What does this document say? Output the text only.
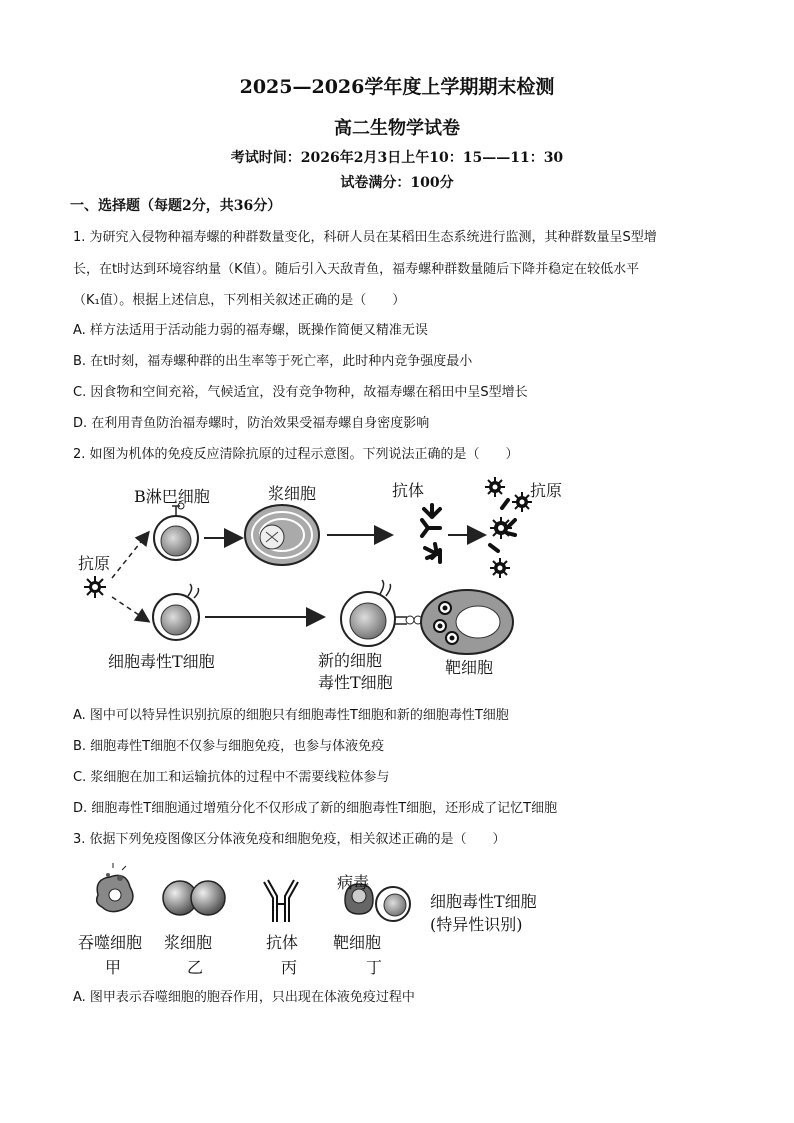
2025—2026学年度上学期期末检测
高二生物学试卷
考试时间：2026年2月3日上午10：15——11：30
试卷满分：100分
一、选择题（每题2分，共36分）
1. 为研究入侵物种福寿螺的种群数量变化，科研人员在某稻田生态系统进行监测，其种群数量呈S型增
长，在t时达到环境容纳量（K值）。随后引入天敌青鱼，福寿螺种群数量随后下降并稳定在较低水平
（K₁值）。根据上述信息，下列相关叙述正确的是（　　）
A. 样方法适用于活动能力弱的福寿螺，既操作简便又精准无误
B. 在t时刻，福寿螺种群的出生率等于死亡率，此时种内竞争强度最小
C. 因食物和空间充裕，气候适宜，没有竞争物种，故福寿螺在稻田中呈S型增长
D. 在利用青鱼防治福寿螺时，防治效果受福寿螺自身密度影响
2. 如图为机体的免疫反应清除抗原的过程示意图。下列说法正确的是（　　）
B淋巴细胞	浆细胞	抗体	抗原
抗原
细胞毒性T细胞	新的细胞
毒性T细胞
靶细胞
A. 图中可以特异性识别抗原的细胞只有细胞毒性T细胞和新的细胞毒性T细胞
B. 细胞毒性T细胞不仅参与细胞免疫，也参与体液免疫
C. 浆细胞在加工和运输抗体的过程中不需要线粒体参与
D. 细胞毒性T细胞通过增殖分化不仅形成了新的细胞毒性T细胞，还形成了记忆T细胞
3. 依据下列免疫图像区分体液免疫和细胞免疫，相关叙述正确的是（　　）
病毒
细胞毒性T细胞
(特异性识别)
吞噬细胞 浆细胞	抗体 靶细胞
甲	乙	丙	丁
A. 图甲表示吞噬细胞的胞吞作用，只出现在体液免疫过程中
